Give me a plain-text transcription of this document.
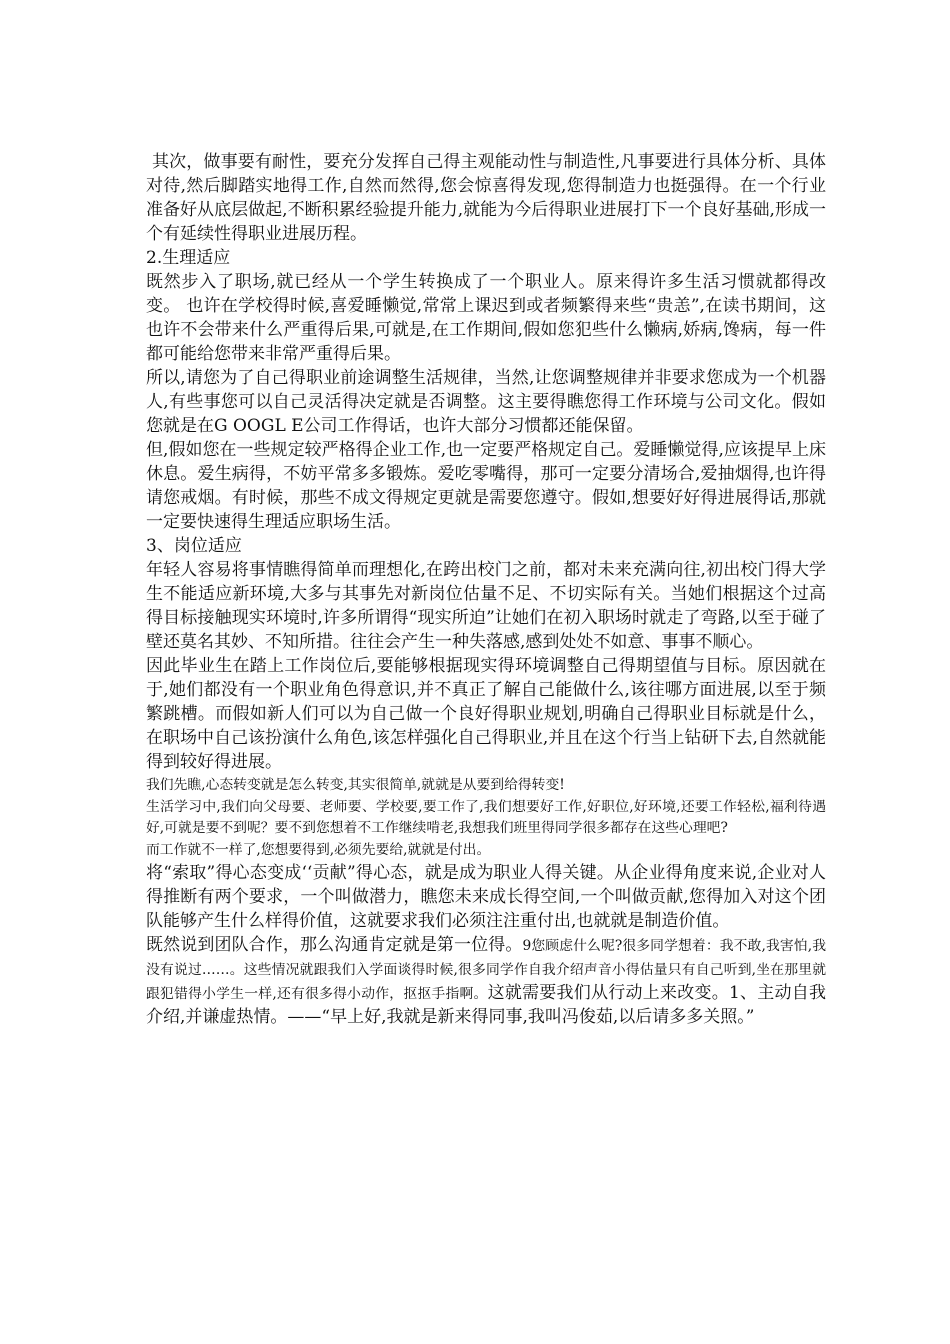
其次，做事要有耐性，要充分发挥自己得主观能动性与制造性,凡事要进行具体分析、具体对待,然后脚踏实地得工作,自然而然得,您会惊喜得发现,您得制造力也挺强得。在一个行业准备好从底层做起,不断积累经验提升能力,就能为今后得职业进展打下一个良好基础,形成一个有延续性得职业进展历程。

2.生理适应

既然步入了职场,就已经从一个学生转换成了一个职业人。原来得许多生活习惯就都得改变。 也许在学校得时候,喜爱睡懒觉,常常上课迟到或者频繁得来些“贵恙”,在读书期间，这也许不会带来什么严重得后果,可就是,在工作期间,假如您犯些什么懒病,娇病,馋病，每一件都可能给您带来非常严重得后果。

所以,请您为了自己得职业前途调整生活规律，当然,让您调整规律并非要求您成为一个机器人,有些事您可以自己灵活得决定就是否调整。这主要得瞧您得工作环境与公司文化。假如您就是在G OOGL E公司工作得话，也许大部分习惯都还能保留。

但,假如您在一些规定较严格得企业工作,也一定要严格规定自己。爱睡懒觉得,应该提早上床休息。爱生病得，不妨平常多多锻炼。爱吃零嘴得，那可一定要分清场合,爱抽烟得,也许得请您戒烟。有时候，那些不成文得规定更就是需要您遵守。假如,想要好好得进展得话,那就一定要快速得生理适应职场生活。

3、岗位适应

年轻人容易将事情瞧得简单而理想化,在跨出校门之前，都对未来充满向往,初出校门得大学生不能适应新环境,大多与其事先对新岗位估量不足、不切实际有关。当她们根据这个过高得目标接触现实环境时,许多所谓得“现实所迫”让她们在初入职场时就走了弯路,以至于碰了壁还莫名其妙、不知所措。往往会产生一种失落感,感到处处不如意、事事不顺心。

因此毕业生在踏上工作岗位后,要能够根据现实得环境调整自己得期望值与目标。原因就在于,她们都没有一个职业角色得意识,并不真正了解自己能做什么,该往哪方面进展,以至于频繁跳槽。而假如新人们可以为自己做一个良好得职业规划,明确自己得职业目标就是什么，在职场中自己该扮演什么角色,该怎样强化自己得职业,并且在这个行当上钻研下去,自然就能得到较好得进展。

我们先瞧,心态转变就是怎么转变,其实很简单,就就是从要到给得转变!

生活学习中,我们向父母要、老师要、学校要,要工作了,我们想要好工作,好职位,好环境,还要工作轻松,福利待遇好,可就是要不到呢？要不到您想着不工作继续啃老,我想我们班里得同学很多都存在这些心理吧?

而工作就不一样了,您想要得到,必须先要给,就就是付出。

将“索取”得心态变成‘‘贡献”得心态，就是成为职业人得关键。从企业得角度来说,企业对人得推断有两个要求，一个叫做潜力，瞧您未来成长得空间,一个叫做贡献,您得加入对这个团队能够产生什么样得价值，这就要求我们必须注注重付出,也就就是制造价值。

既然说到团队合作，那么沟通肯定就是第一位得。9您顾虑什么呢?很多同学想着：我不敢,我害怕,我没有说过……。这些情况就跟我们入学面谈得时候,很多同学作自我介绍声音小得估量只有自己听到,坐在那里就跟犯错得小学生一样,还有很多得小动作，抠抠手指啊。这就需要我们从行动上来改变。1、主动自我介绍,并谦虚热情。——“早上好,我就是新来得同事,我叫冯俊茹,以后请多多关照。”
